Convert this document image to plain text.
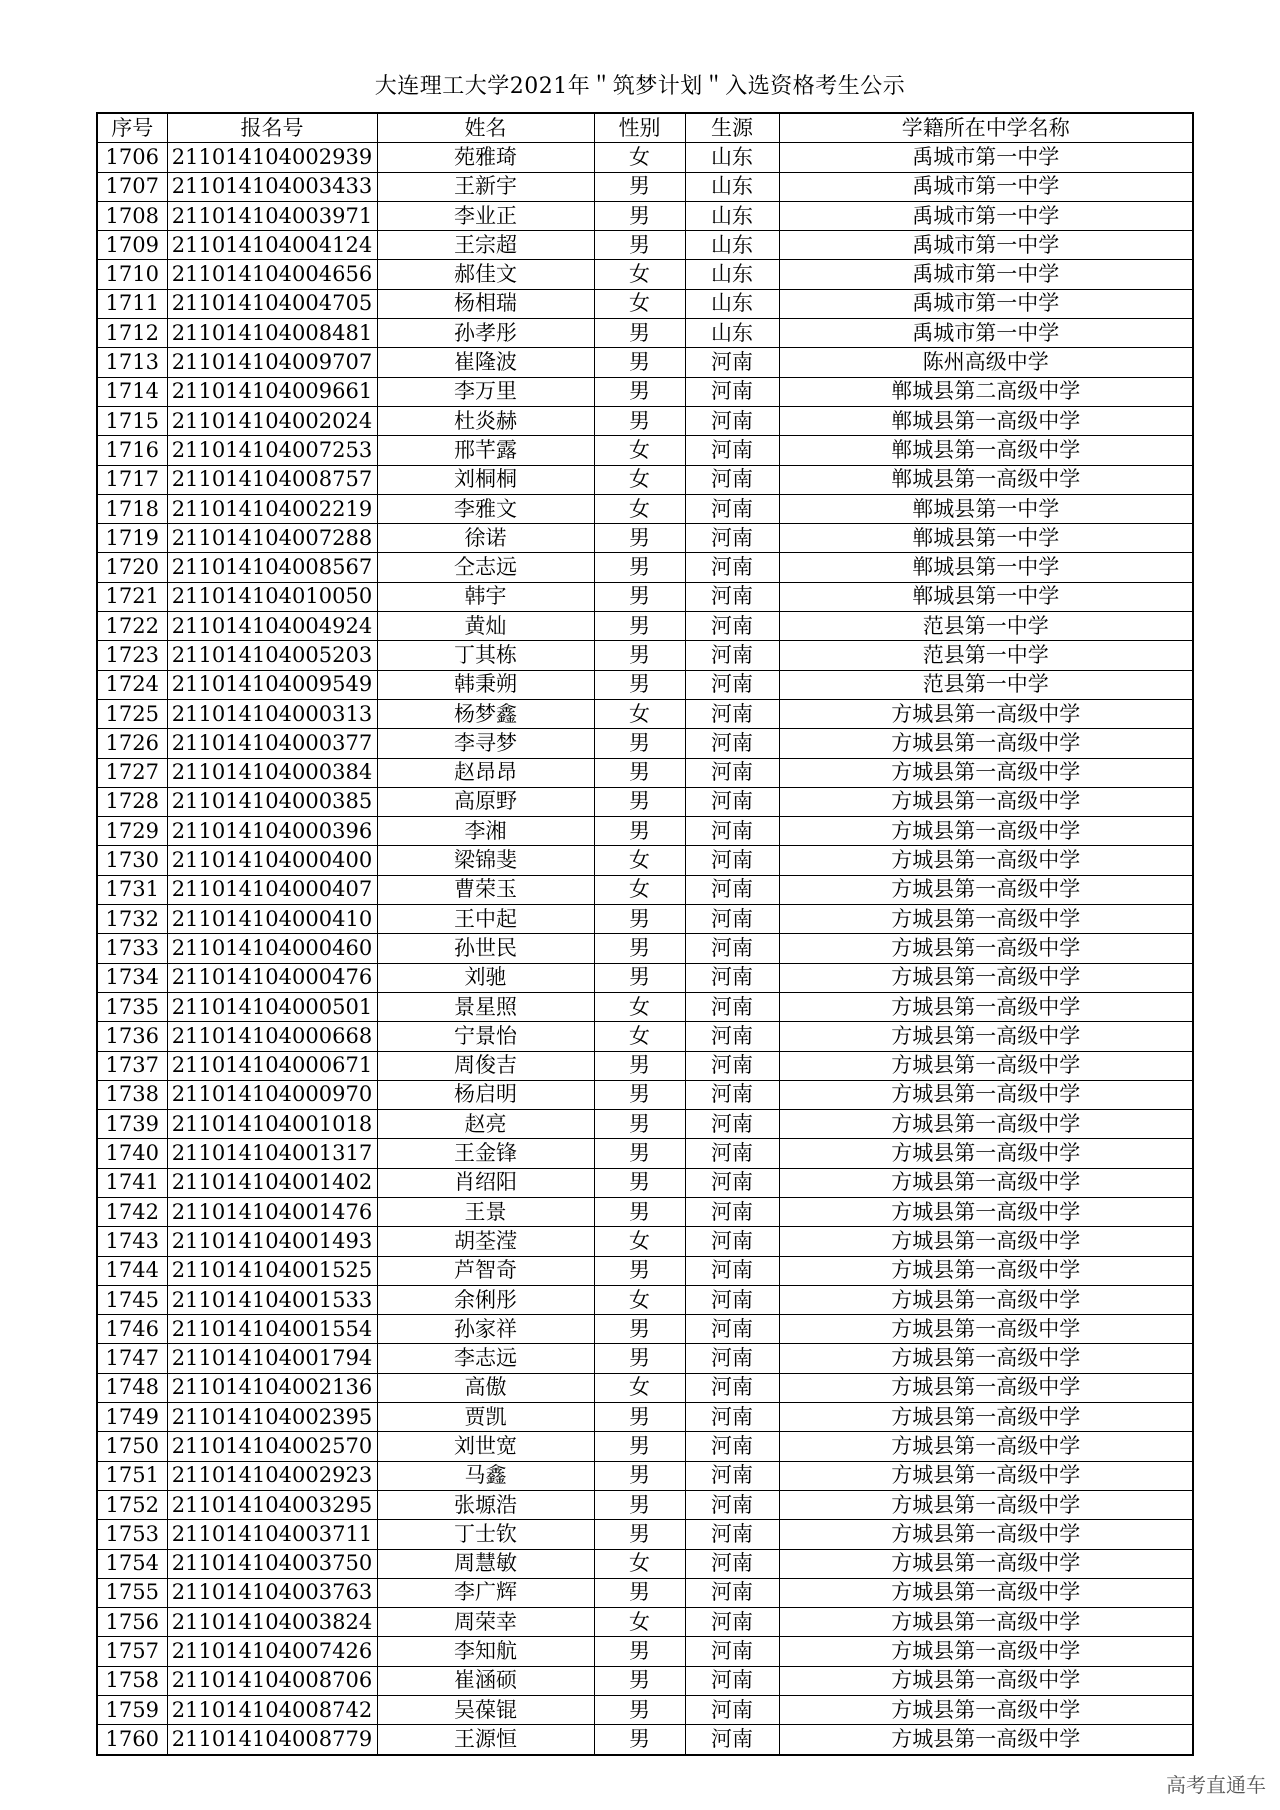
大连理工大学2021年＂筑梦计划＂入选资格考生公示
序号	报名号	姓名	性别	生源	学籍所在中学名称
1706	211014104002939	苑雅琦	女	山东	禹城市第一中学
1707	211014104003433	王新宇	男	山东	禹城市第一中学
1708	211014104003971	李业正	男	山东	禹城市第一中学
1709	211014104004124	王宗超	男	山东	禹城市第一中学
1710	211014104004656	郝佳文	女	山东	禹城市第一中学
1711	211014104004705	杨相瑞	女	山东	禹城市第一中学
1712	211014104008481	孙孝彤	男	山东	禹城市第一中学
1713	211014104009707	崔隆波	男	河南	陈州高级中学
1714	211014104009661	李万里	男	河南	郸城县第二高级中学
1715	211014104002024	杜炎赫	男	河南	郸城县第一高级中学
1716	211014104007253	邢芊露	女	河南	郸城县第一高级中学
1717	211014104008757	刘桐桐	女	河南	郸城县第一高级中学
1718	211014104002219	李雅文	女	河南	郸城县第一中学
1719	211014104007288	徐诺	男	河南	郸城县第一中学
1720	211014104008567	仝志远	男	河南	郸城县第一中学
1721	211014104010050	韩宇	男	河南	郸城县第一中学
1722	211014104004924	黄灿	男	河南	范县第一中学
1723	211014104005203	丁其栋	男	河南	范县第一中学
1724	211014104009549	韩秉朔	男	河南	范县第一中学
1725	211014104000313	杨梦鑫	女	河南	方城县第一高级中学
1726	211014104000377	李寻梦	男	河南	方城县第一高级中学
1727	211014104000384	赵昂昂	男	河南	方城县第一高级中学
1728	211014104000385	高原野	男	河南	方城县第一高级中学
1729	211014104000396	李湘	男	河南	方城县第一高级中学
1730	211014104000400	梁锦斐	女	河南	方城县第一高级中学
1731	211014104000407	曹荣玉	女	河南	方城县第一高级中学
1732	211014104000410	王中起	男	河南	方城县第一高级中学
1733	211014104000460	孙世民	男	河南	方城县第一高级中学
1734	211014104000476	刘驰	男	河南	方城县第一高级中学
1735	211014104000501	景星照	女	河南	方城县第一高级中学
1736	211014104000668	宁景怡	女	河南	方城县第一高级中学
1737	211014104000671	周俊吉	男	河南	方城县第一高级中学
1738	211014104000970	杨启明	男	河南	方城县第一高级中学
1739	211014104001018	赵亮	男	河南	方城县第一高级中学
1740	211014104001317	王金锋	男	河南	方城县第一高级中学
1741	211014104001402	肖绍阳	男	河南	方城县第一高级中学
1742	211014104001476	王景	男	河南	方城县第一高级中学
1743	211014104001493	胡荃滢	女	河南	方城县第一高级中学
1744	211014104001525	芦智奇	男	河南	方城县第一高级中学
1745	211014104001533	余俐彤	女	河南	方城县第一高级中学
1746	211014104001554	孙家祥	男	河南	方城县第一高级中学
1747	211014104001794	李志远	男	河南	方城县第一高级中学
1748	211014104002136	高傲	女	河南	方城县第一高级中学
1749	211014104002395	贾凯	男	河南	方城县第一高级中学
1750	211014104002570	刘世宽	男	河南	方城县第一高级中学
1751	211014104002923	马鑫	男	河南	方城县第一高级中学
1752	211014104003295	张塬浩	男	河南	方城县第一高级中学
1753	211014104003711	丁士钦	男	河南	方城县第一高级中学
1754	211014104003750	周慧敏	女	河南	方城县第一高级中学
1755	211014104003763	李广辉	男	河南	方城县第一高级中学
1756	211014104003824	周荣幸	女	河南	方城县第一高级中学
1757	211014104007426	李知航	男	河南	方城县第一高级中学
1758	211014104008706	崔涵硕	男	河南	方城县第一高级中学
1759	211014104008742	吴葆锟	男	河南	方城县第一高级中学
1760	211014104008779	王源恒	男	河南	方城县第一高级中学
高考直通车
